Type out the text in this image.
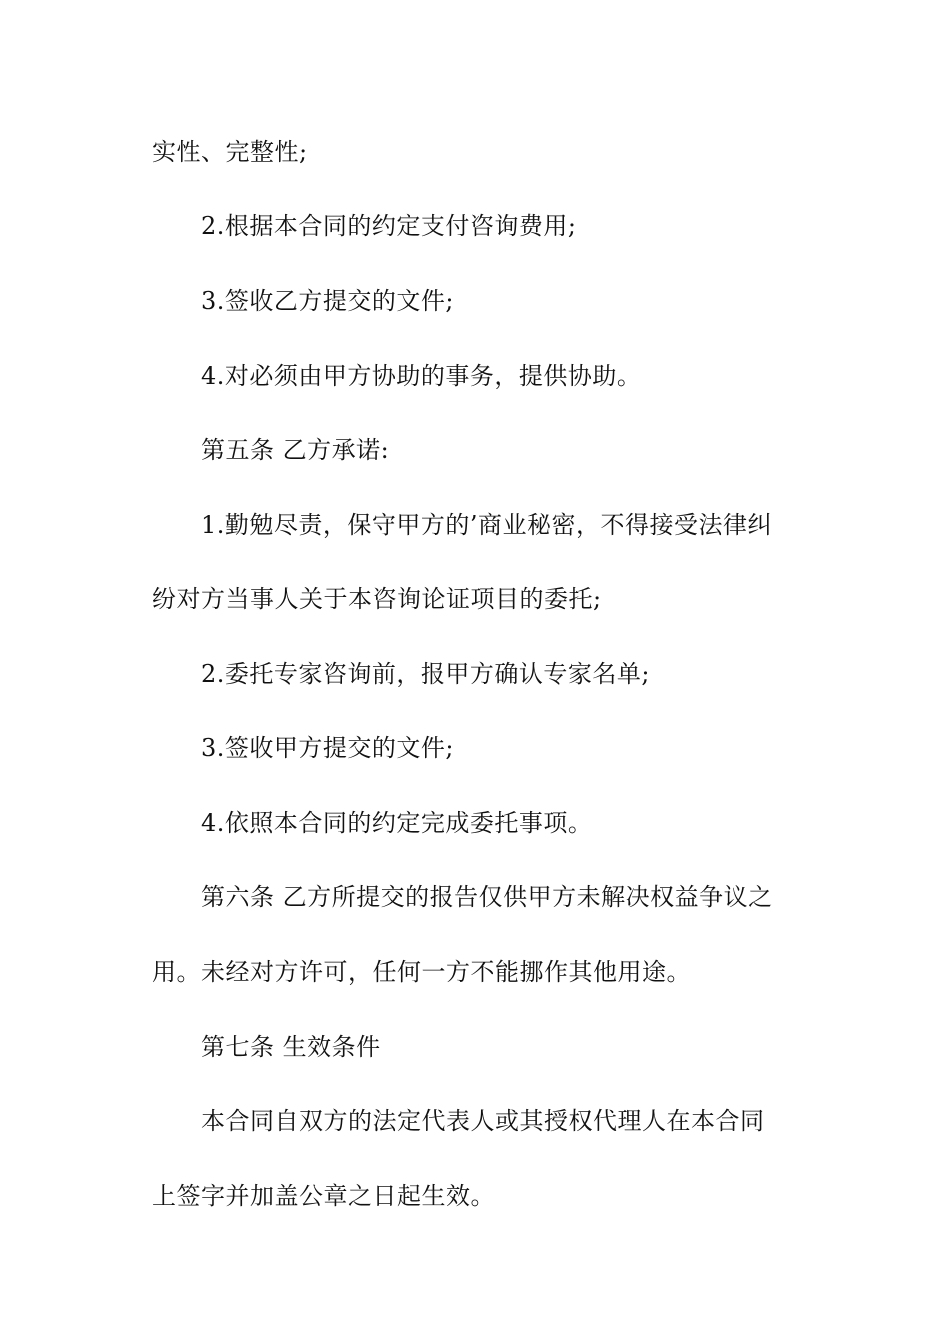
实性、完整性;
2.根据本合同的约定支付咨询费用;
3.签收乙方提交的文件;
4.对必须由甲方协助的事务，提供协助。
第五条 乙方承诺:
1.勤勉尽责，保守甲方的’商业秘密，不得接受法律纠
纷对方当事人关于本咨询论证项目的委托;
2.委托专家咨询前，报甲方确认专家名单;
3.签收甲方提交的文件;
4.依照本合同的约定完成委托事项。
第六条 乙方所提交的报告仅供甲方未解决权益争议之
用。未经对方许可，任何一方不能挪作其他用途。
第七条 生效条件
本合同自双方的法定代表人或其授权代理人在本合同
上签字并加盖公章之日起生效。
